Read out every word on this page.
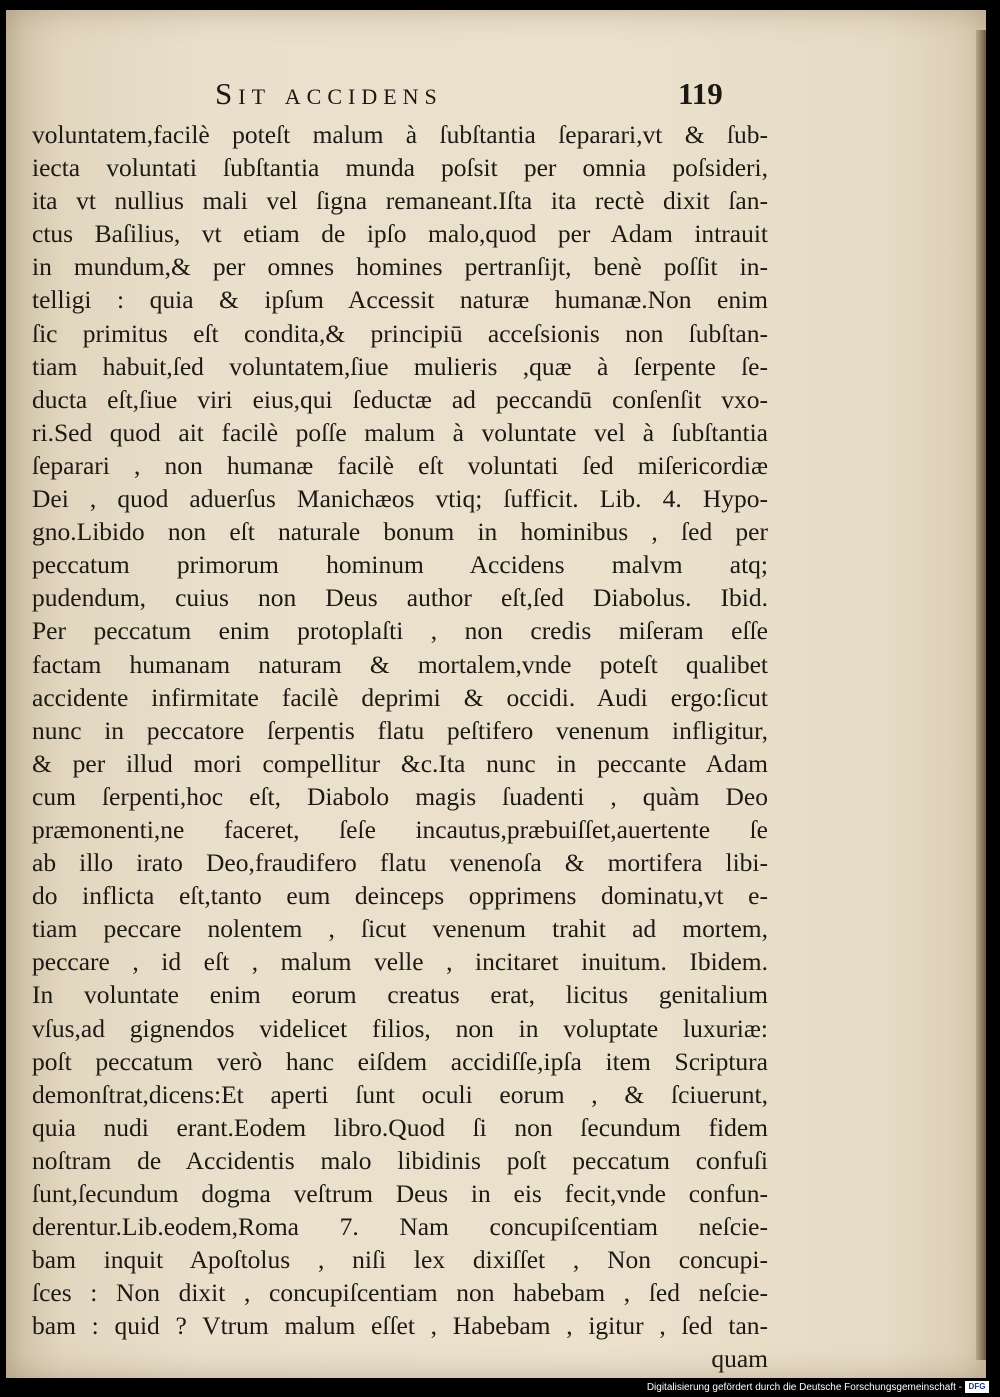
Sit accidens	119
voluntatem,facilè poteſt malum à ſubſtantia ſeparari,vt & ſub-
iecta voluntati ſubſtantia munda poſsit per omnia poſsideri,
ita vt nullius mali vel ſigna remaneant.Iſta ita rectè dixit ſan-
ctus Baſilius, vt etiam de ipſo malo,quod per Adam intrauit
in mundum,& per omnes homines pertranſijt, benè poſſit in-
telligi : quia & ipſum Accessit naturæ humanæ.Non enim
ſic primitus eſt condita,& principiū acceſsionis non ſubſtan-
tiam habuit,ſed voluntatem,ſiue mulieris ,quæ à ſerpente ſe-
ducta eſt,ſiue viri eius,qui ſeductæ ad peccandū conſenſit vxo-
ri.Sed quod ait facilè poſſe malum à voluntate vel à ſubſtantia
ſeparari , non humanæ facilè eſt voluntati ſed miſericordiæ
Dei , quod aduerſus Manichæos vtiq; ſufficit. Lib. 4. Hypo-
gno.Libido non eſt naturale bonum in hominibus , ſed per
peccatum primorum hominum Accidens malvm atq;
pudendum, cuius non Deus author eſt,ſed Diabolus. Ibid.
Per peccatum enim protoplaſti , non credis miſeram eſſe
factam humanam naturam & mortalem,vnde poteſt qualibet
accidente infirmitate facilè deprimi & occidi. Audi ergo:ſicut
nunc in peccatore ſerpentis flatu peſtifero venenum infligitur,
& per illud mori compellitur &c.Ita nunc in peccante Adam
cum ſerpenti,hoc eſt, Diabolo magis ſuadenti , quàm Deo
præmonenti,ne faceret, ſeſe incautus,præbuiſſet,auertente ſe
ab illo irato Deo,fraudifero flatu venenoſa & mortifera libi-
do inflicta eſt,tanto eum deinceps opprimens dominatu,vt e-
tiam peccare nolentem , ſicut venenum trahit ad mortem,
peccare , id eſt , malum velle , incitaret inuitum. Ibidem.
In voluntate enim eorum creatus erat, licitus genitalium
vſus,ad gignendos videlicet filios, non in voluptate luxuriæ:
poſt peccatum verò hanc eiſdem accidiſſe,ipſa item Scriptura
demonſtrat,dicens:Et aperti ſunt oculi eorum , & ſciuerunt,
quia nudi erant.Eodem libro.Quod ſi non ſecundum fidem
noſtram de Accidentis malo libidinis poſt peccatum confuſi
ſunt,ſecundum dogma veſtrum Deus in eis fecit,vnde confun-
derentur.Lib.eodem,Roma 7. Nam concupiſcentiam neſcie-
bam inquit Apoſtolus , niſi lex dixiſſet , Non concupi-
ſces : Non dixit , concupiſcentiam non habebam , ſed neſcie-
bam : quid ? Vtrum malum eſſet , Habebam , igitur , ſed tan-
quam
Digitalisierung gefördert durch die Deutsche Forschungsgemeinschaft - DFG
